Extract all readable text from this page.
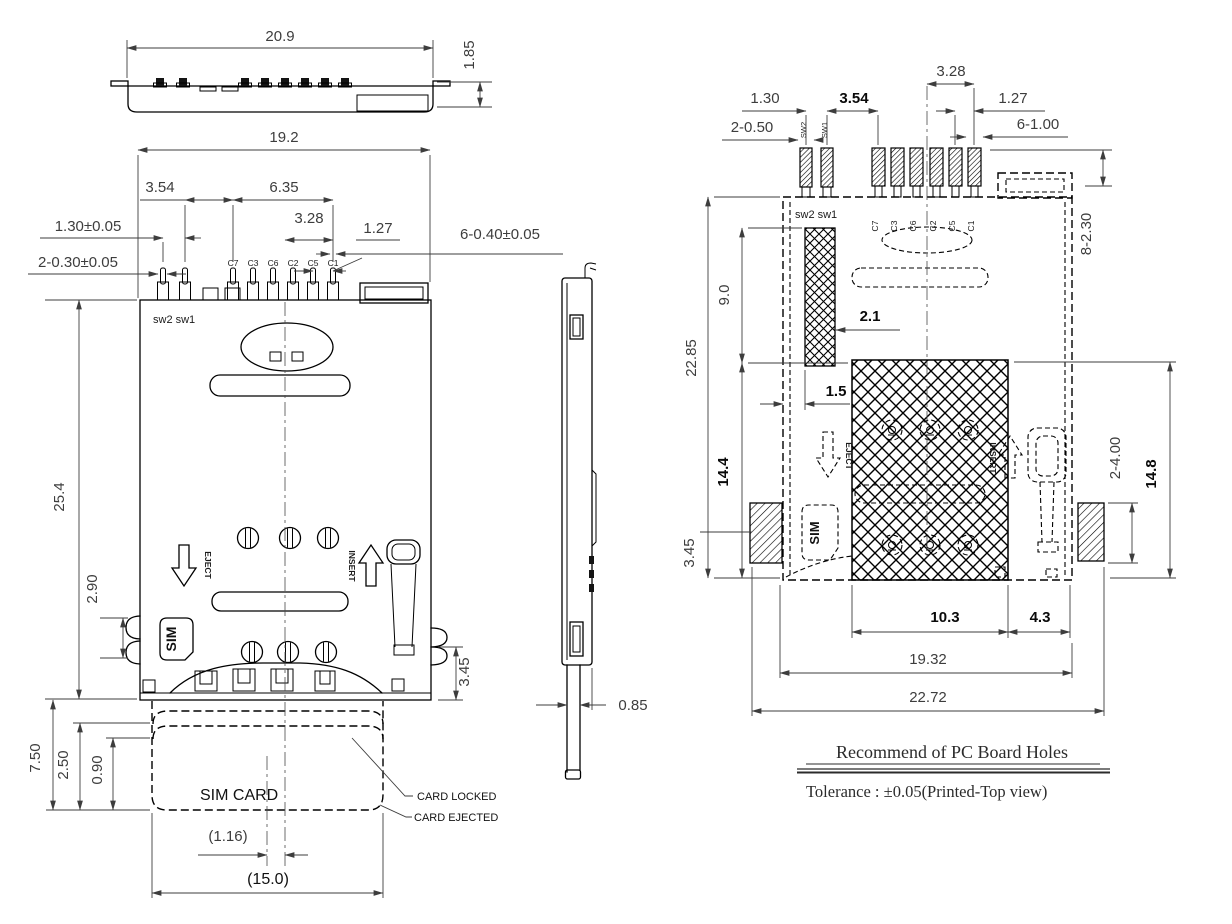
20.9
1.85
SIM CARD
sw2 sw1
EJECT	INSERT
SIM
C7 C3 C6 C2 C5 C1
19.2
3.54	6.35
3.28
1.27
1.30±0.05
2-0.30±0.05
6-0.40±0.05
25.4
2.90
3.45
7.50 2.50 0.90
(1.16)
(15.0)
CARD LOCKED
CARD EJECTED
0.85
SW2 SW1
sw2 sw1
C7 C3 C6 C2 C5 C1
EJECT	INSERT
SIM
3.28
1.30	3.54	1.27
2-0.50	6-1.00
8-2.30
2.1
1.5
22.85
9.0
14.4
3.45
2-4.00 14.8
10.3	4.3
19.32
22.72
Recommend of PC Board Holes
Tolerance : ±0.05(Printed-Top view)
